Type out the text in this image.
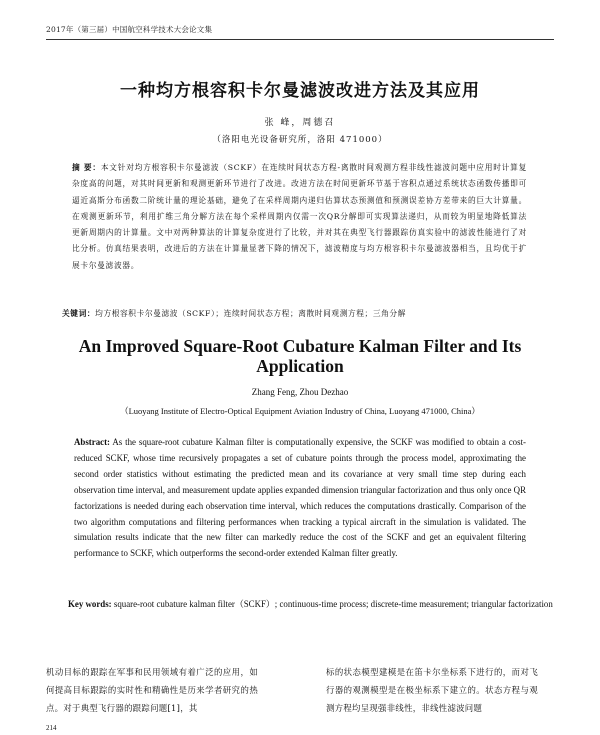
2017年（第三届）中国航空科学技术大会论文集
一种均方根容积卡尔曼滤波改进方法及其应用
张 峰，周德召
（洛阳电光设备研究所，洛阳 471000）
摘 要：本文针对均方根容积卡尔曼滤波（SCKF）在连续时间状态方程-离散时间观测方程非线性滤波问题中应用时计算复杂度高的问题，对其时间更新和观测更新环节进行了改进。改进方法在时间更新环节基于容积点通过系统状态函数传播即可逼近高斯分布函数二阶统计量的理论基础，避免了在采样周期内递归估算状态预测值和预测误差协方差带来的巨大计算量。在观测更新环节，利用扩维三角分解方法在每个采样周期内仅需一次QR分解即可实现算法递归，从而较为明显地降低算法更新周期内的计算量。文中对两种算法的计算复杂度进行了比较，并对其在典型飞行器跟踪仿真实验中的滤波性能进行了对比分析。仿真结果表明，改进后的方法在计算量显著下降的情况下，滤波精度与均方根容积卡尔曼滤波器相当，且均优于扩展卡尔曼滤波器。
关键词：均方根容积卡尔曼滤波（SCKF）；连续时间状态方程；离散时间观测方程；三角分解
An Improved Square-Root Cubature Kalman Filter and Its Application
Zhang Feng, Zhou Dezhao
（Luoyang Institute of Electro-Optical Equipment Aviation Industry of China, Luoyang 471000, China）
Abstract: As the square-root cubature Kalman filter is computationally expensive, the SCKF was modified to obtain a cost-reduced SCKF, whose time recursively propagates a set of cubature points through the process model, approximating the second order statistics without estimating the predicted mean and its covariance at very small time step during each observation time interval, and measurement update applies expanded dimension triangular factorization and thus only once QR factorizations is needed during each observation time interval, which reduces the computations drastically. Comparison of the two algorithm computations and filtering performances when tracking a typical aircraft in the simulation is validated. The simulation results indicate that the new filter can markedly reduce the cost of the SCKF and get an equivalent filtering performance to SCKF, which outperforms the second-order extended Kalman filter greatly.
Key words: square-root cubature kalman filter（SCKF）; continuous-time process; discrete-time measurement; triangular factorization
机动目标的跟踪在军事和民用领域有着广泛的应用，如何提高目标跟踪的实时性和精确性是历来学者研究的热点。对于典型飞行器的跟踪问题[1]，其
标的状态模型建模是在笛卡尔坐标系下进行的，而对飞行器的观测模型是在极坐标系下建立的。状态方程与观测方程均呈现强非线性，非线性滤波问题
214
